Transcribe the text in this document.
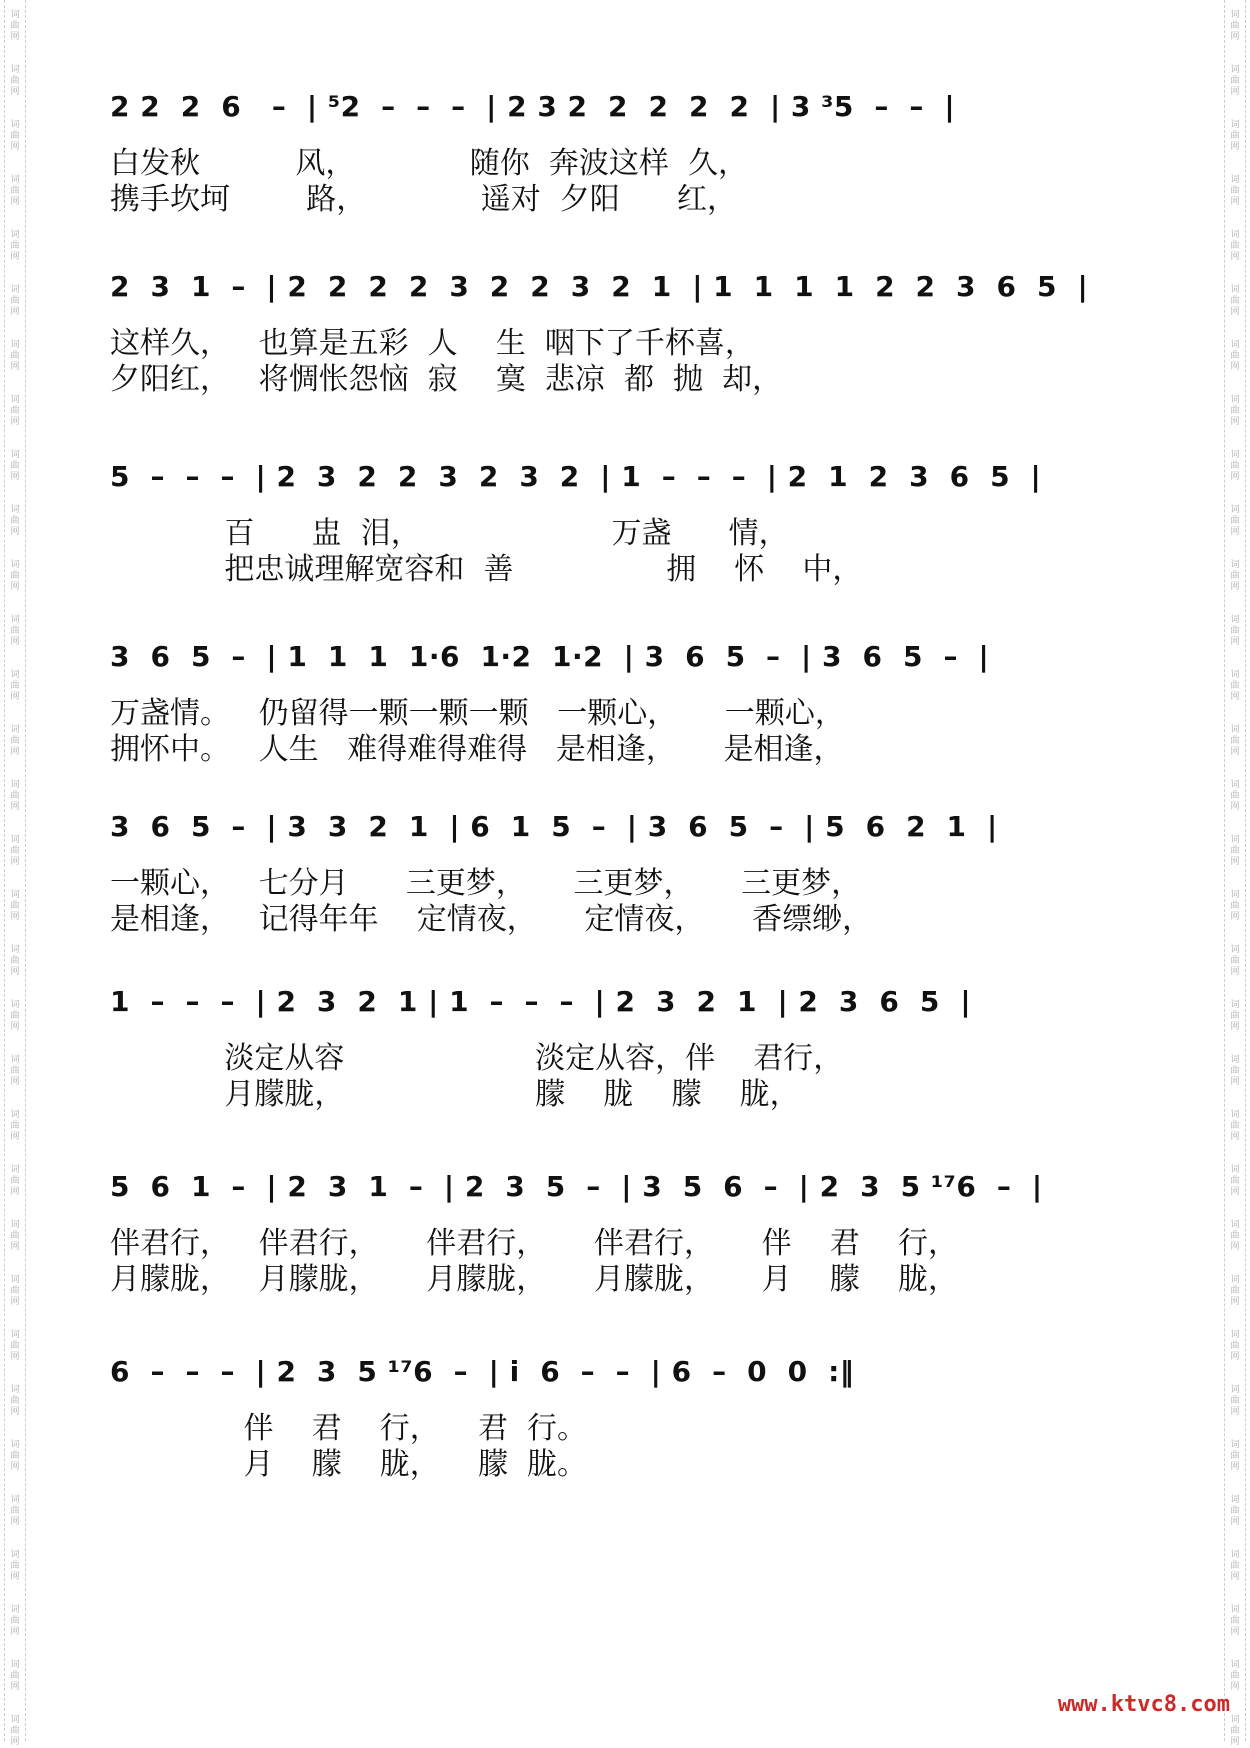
词
曲
网
词
曲
网
词
曲
网
词
曲
网
词
曲
网
词
曲
网
词
曲
网
词
曲
网
词
曲
网
词
曲
网
词
曲
网
词
曲
网
词
曲
网
词
曲
网
词
曲
网
词
曲
网
词
曲
网
词
曲
网
词
曲
网
词
曲
网
词
曲
网
词
曲
网
词
曲
网
词
曲
网
词
曲
网
词
曲
网
词
曲
网
词
曲
网
词
曲
网
词
曲
网
词
曲
网
词
曲
网
词
曲
网
词
曲
网
词
曲
网
词
曲
网
词
曲
网
词
曲
网
词
曲
网
词
曲
网
词
曲
网
词
曲
网
词
曲
网
词
曲
网
词
曲
网
词
曲
网
词
曲
网
词
曲
网
词
曲
网
词
曲
网
词
曲
网
词
曲
网
词
曲
网
词
曲
网
词
曲
网
词
曲
网
词
曲
网
词
曲
网
词
曲
网
词
曲
网
词
曲
网
词
曲
网
词
曲
网
词
曲
网
2 2  2  6   –  | ⁵2  –  –  –  | 2 3 2  2  2  2  2  | 3 ³5  –  –  |
白发秋          风，            随你  奔波这样  久，
携手坎坷        路，            遥对  夕阳      红，
2  3  1  –  | 2  2  2  2  3  2  2  3  2  1  | 1  1  1  1  2  2  3  6  5  |
这样久，   也算是五彩  人    生  咽下了千杯喜，
夕阳红，   将惆怅怨恼  寂    寞  悲凉  都  抛  却，
5  –  –  –  | 2  3  2  2  3  2  3  2  | 1  –  –  –  | 2  1  2  3  6  5  |
百      盅  泪，                    万盏      情，
把忠诚理解宽容和  善                拥    怀    中，
3  6  5  –  | 1  1  1  1·6  1·2  1·2  | 3  6  5  –  | 3  6  5  –  |
万盏情。   仍留得一颗一颗一颗   一颗心，     一颗心，
拥怀中。   人生   难得难得难得   是相逢，     是相逢，
3  6  5  –  | 3  3  2  1  | 6  1  5  –  | 3  6  5  –  | 5  6  2  1  |
一颗心，   七分月      三更梦，     三更梦，     三更梦，
是相逢，   记得年年    定情夜，     定情夜，     香缥缈，
1  –  –  –  | 2  3  2  1 | 1  –  –  –  | 2  3  2  1  | 2  3  6  5  |
淡定从容                    淡定从容，伴    君行，
月朦胧，                    朦    胧    朦    胧，
5  6  1  –  | 2  3  1  –  | 2  3  5  –  | 3  5  6  –  | 2  3  5 ¹⁷6  –  |
伴君行，   伴君行，     伴君行，     伴君行，     伴    君    行，
月朦胧，   月朦胧，     月朦胧，     月朦胧，     月    朦    胧，
6  –  –  –  | 2  3  5 ¹⁷6  –  | i  6  –  –  | 6  –  0  0  :‖
伴    君    行，    君  行。
月    朦    胧，    朦  胧。
www.ktvc8.com
